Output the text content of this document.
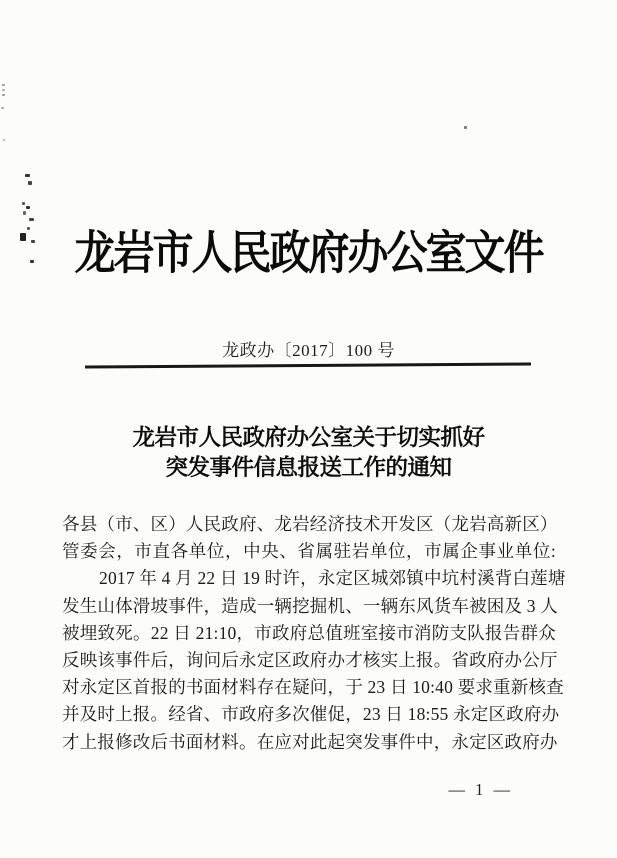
龙岩市人民政府办公室文件
龙政办〔2017〕100 号
龙岩市人民政府办公室关于切实抓好
突发事件信息报送工作的通知
各县（市、区）人民政府、龙岩经济技术开发区（龙岩高新区）
管委会，市直各单位，中央、省属驻岩单位，市属企事业单位:
2017 年 4 月 22 日 19 时许，永定区城郊镇中坑村溪背白莲塘
发生山体滑坡事件，造成一辆挖掘机、一辆东风货车被困及 3 人
被埋致死。22 日 21:10，市政府总值班室接市消防支队报告群众
反映该事件后，询问后永定区政府办才核实上报。省政府办公厅
对永定区首报的书面材料存在疑问，于 23 日 10:40 要求重新核查
并及时上报。经省、市政府多次催促，23 日 18:55 永定区政府办
才上报修改后书面材料。在应对此起突发事件中，永定区政府办
— 1 —
